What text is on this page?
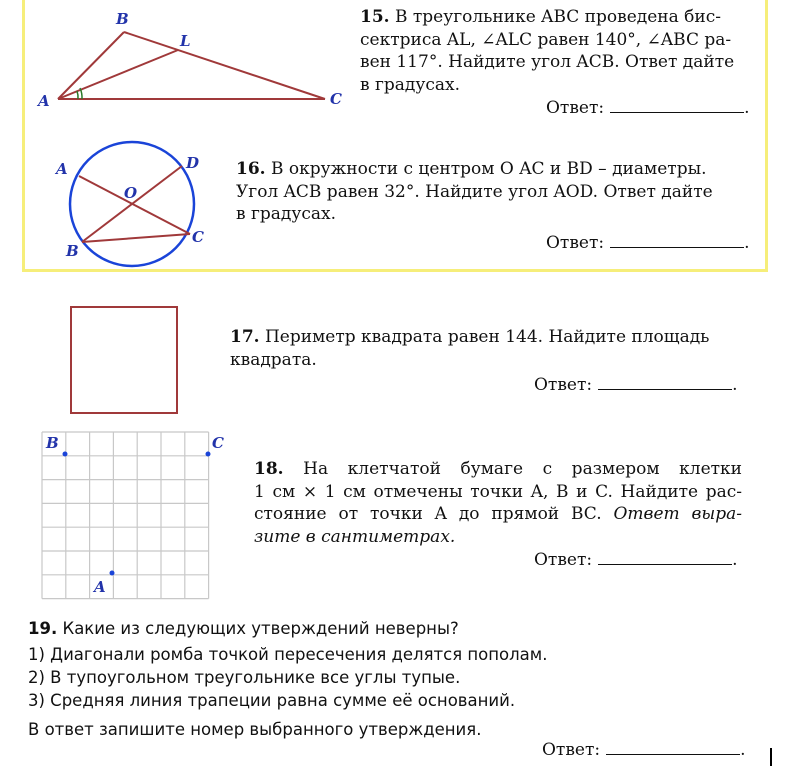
A
B
L
C
15. В треугольнике ABC проведена бис-
сектриса AL, ∠ALC равен 140°, ∠ABC ра-
вен 117°. Найдите угол ACB. Ответ дайте
в градусах.
Ответ:	.
A	D
O
C
B
16. В окружности с центром O AC и BD – диаметры.
Угол ACB равен 32°. Найдите угол AOD. Ответ дайте
в градусах.
Ответ:	.
17. Периметр квадрата равен 144. Найдите площадь
квадрата.
Ответ:	.
B	C
A
18. На клетчатой бумаге с размером клетки
1 см × 1 см отмечены точки A, B и C. Найдите рас-
стояние от точки A до прямой BC. Ответ выра-
зите в сантиметрах.
Ответ:	.
19. Какие из следующих утверждений неверны?
1) Диагонали ромба точкой пересечения делятся пополам.
2) В тупоугольном треугольнике все углы тупые.
3) Средняя линия трапеции равна сумме её оснований.
В ответ запишите номер выбранного утверждения.
Ответ:	.
